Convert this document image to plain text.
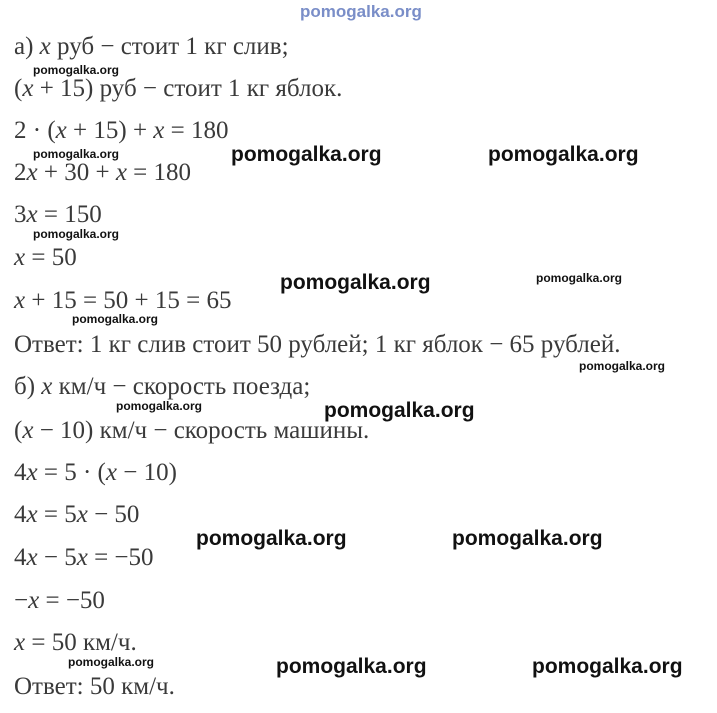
pomogalka.org
а) x руб − стоит 1 кг слив;
(x + 15) руб − стоит 1 кг яблок.
2 · (x + 15) + x = 180
2x + 30 + x = 180
3x = 150
x = 50
x + 15 = 50 + 15 = 65
Ответ: 1 кг слив стоит 50 рублей; 1 кг яблок − 65 рублей.
б) x км/ч − скорость поезда;
(x − 10) км/ч − скорость машины.
4x = 5 · (x − 10)
4x = 5x − 50
4x − 5x = −50
−x = −50
x = 50 км/ч.
Ответ: 50 км/ч.
pomogalka.org
pomogalka.org	pomogalka.org	pomogalka.org
pomogalka.org
pomogalka.org	pomogalka.org
pomogalka.org
pomogalka.org
pomogalka.org	pomogalka.org
pomogalka.org	pomogalka.org
pomogalka.org	pomogalka.org	pomogalka.org
